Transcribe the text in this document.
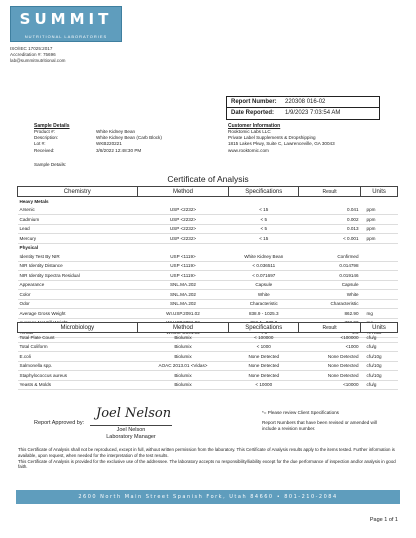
SUMMIT
NUTRITIONAL LABORATORIES
ISO/IEC 17025:2017
Accreditation #: 75696
lab@summitnutritional.com
Report Number: 220308 016-02
Date Reported: 1/9/2023 7:03:54 AM
Sample Details
Product #:	White Kidney Bean
Description:	White Kidney Bean (Carb Block)
Lot #:	WKB220221
Received:	3/8/2022 12:48:30 PM
Sample Details:
Customer Information
Rooktomic Labs LLC
Private Label Supplements & Dropshipping
1815 Lakes Pkwy, Suite C, Lawrenceville, GA 30043
www.rooktomic.com
Certificate of Analysis
Chemistry	Method	Specifications	Result	Units
Heavy Metals				
Arsenic	USP <2232>	< 15	0.041	ppm
Cadmium	USP <2232>	< 5	0.002	ppm
Lead	USP <2232>	< 5	0.013	ppm
Mercury	USP <2232>	< 15	< 0.001	ppm
Physical				
Identity Test By NIR	USP <1119>	White Kidney Bean	Confirmed	
NIR Identity Distance	USP <1119>	< 0.036511	0.014798	
NIR Identity Spectra Residual	USP <1119>	< 0.071697	0.019146	
Appearance	SNL.MA.202	Capsule	Capsule	
Color	SNL.MA.202	White	White	
Odor	SNL.MA.202	Characteristic	Characteristic	
Average Gross Weight	WI.USP.2091.02	838.9 - 1025.3	862.90	mg

Microbiology	Method	Specifications	Result	Units
Total Plate Count	Biolumix	< 100000	<100000	cfu/g
Total Coliform	Biolumix	< 1000	<1000	cfu/g
E.coli	Biolumix	None Detected	None Detected	cfu/10g
Salmonella spp.	AOAC 2013.01 <Vidas>	None Detected	None Detected	cfu/10g
Staphylococcus aureus	Biolumix	None Detected	None Detected	cfu/10g
Yeasts & Molds	Biolumix	< 10000	<10000	cfu/g
Report Approved by:
Joel Nelson
Joel Nelson
Laboratory Manager
*= Please review Client Specifications
Report Numbers that have been revised or amended will include a revision number.
This Certificate of Analysis shall not be reproduced, except in full, without written permission from the laboratory. This Certificate of Analysis results apply to the items tested. Further information is available, upon request, when needed for the interpretation of the test results.
This Certificate of Analysis is provided for the exclusive use of the addressee. The laboratory accepts no responsibility/liability except for the due performance of inspection and/or analysis in good faith.
2600 North Main Street Spanish Fork, Utah 84660 • 801-210-2084
Page 1 of 1
